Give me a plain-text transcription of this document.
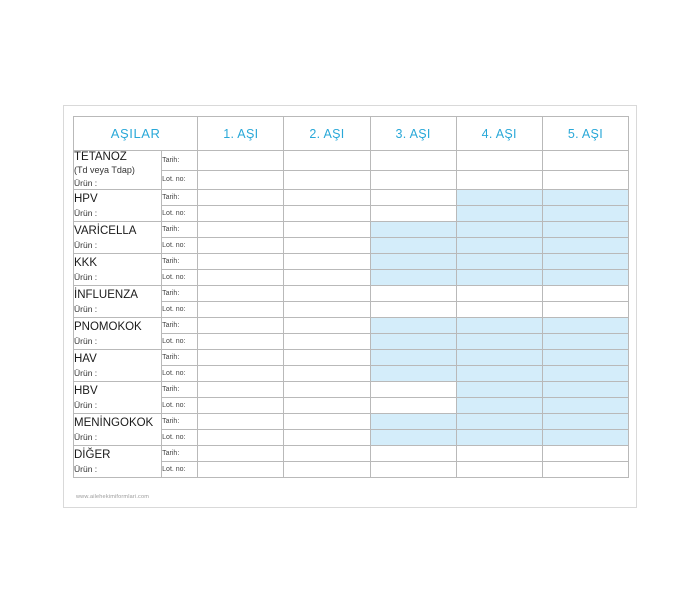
AŞILAR		1. AŞI	2. AŞI	3. AŞI	4. AŞI	5. AŞI

TETANOZ
(Td veya Tdap)
Ürün :	Tarih:					
	Lot. no:					

HPV
Ürün :	Tarih:					
	Lot. no:					

VARİCELLA
Ürün :	Tarih:					
	Lot. no:					

KKK
Ürün :	Tarih:					
	Lot. no:					

İNFLUENZA
Ürün :	Tarih:					
	Lot. no:					

PNOMOKOK
Ürün :	Tarih:					
	Lot. no:					

HAV
Ürün :	Tarih:					
	Lot. no:					

HBV
Ürün :	Tarih:					
	Lot. no:					

MENİNGOKOK
Ürün :	Tarih:					
	Lot. no:					

DİĞER
Ürün :	Tarih:					
	Lot. no:					
www.ailehekimiformlari.com
